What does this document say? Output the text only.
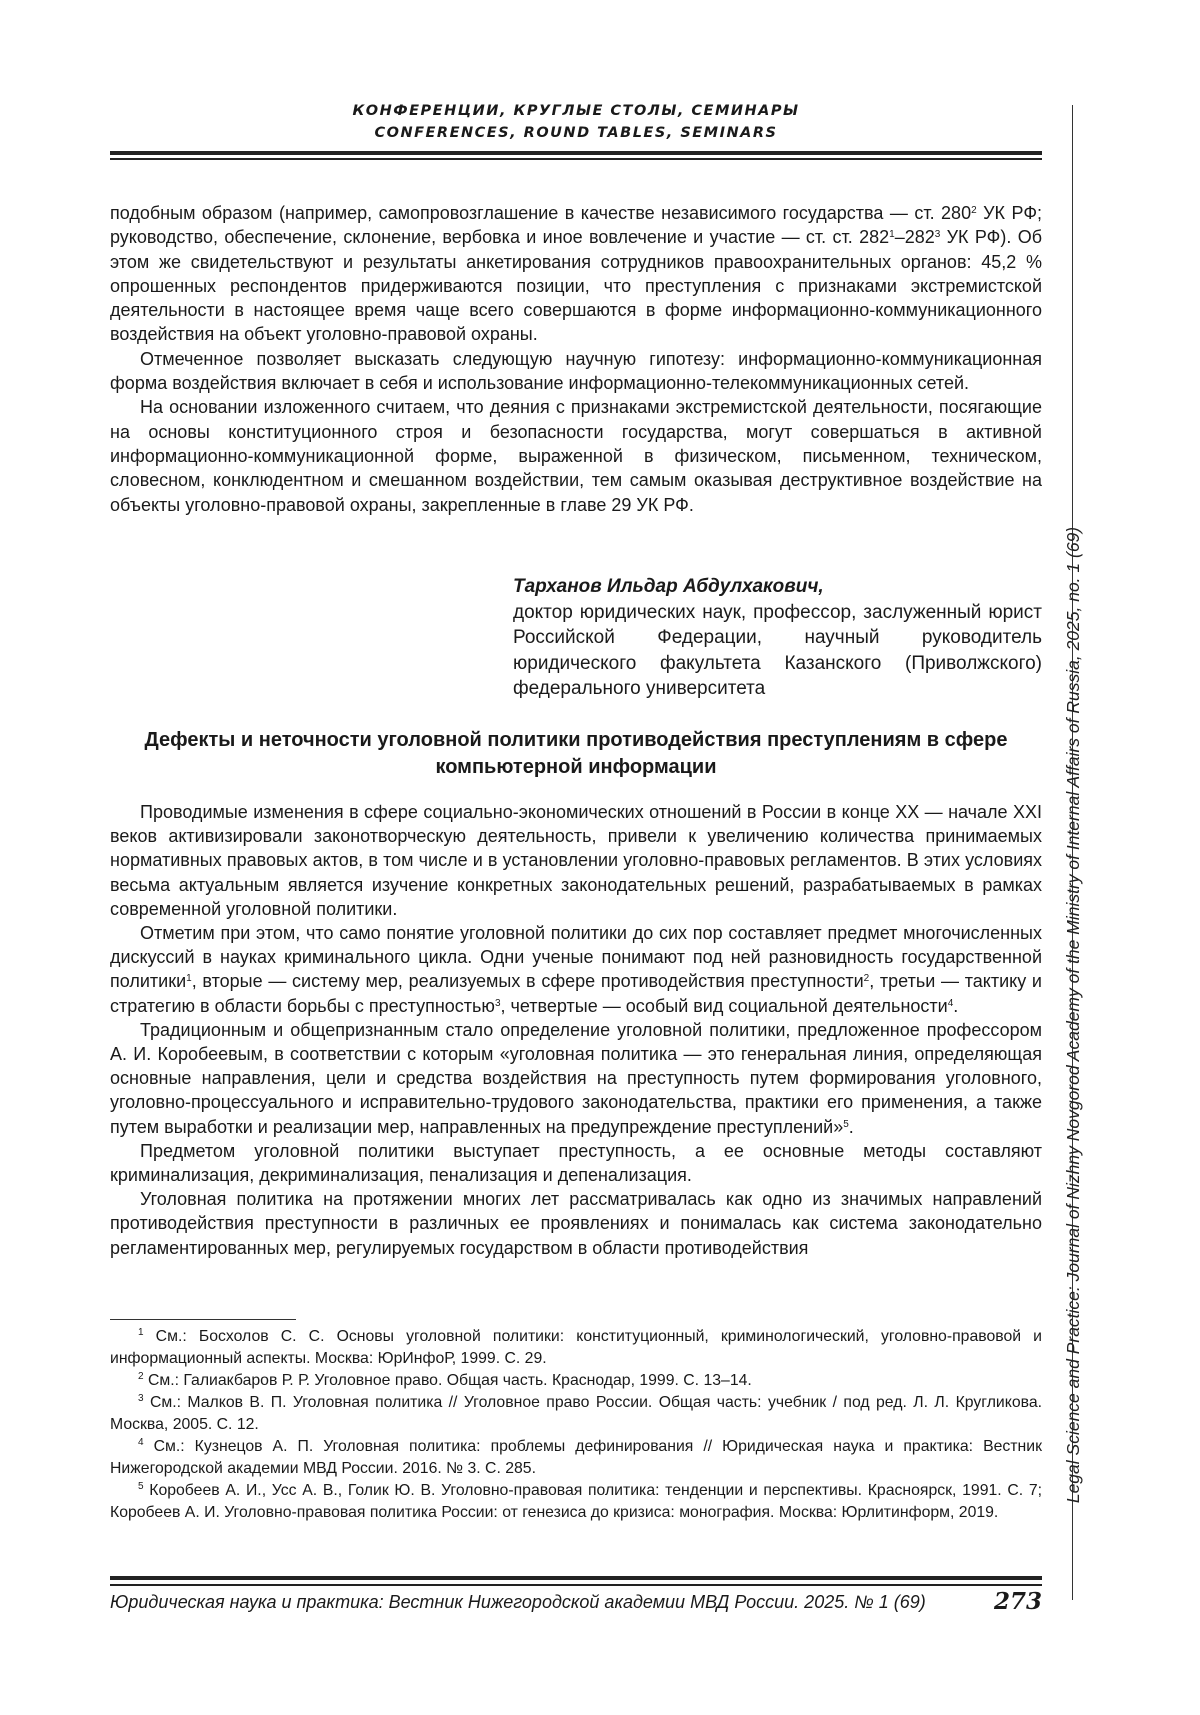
КОНФЕРЕНЦИИ, КРУГЛЫЕ СТОЛЫ, СЕМИНАРЫ
CONFERENCES, ROUND TABLES, SEMINARS
Legal Science and Practice: Journal of Nizhny Novgorod Academy of the Ministry of Internal Affairs of Russia, 2025, no. 1 (69)

подобным образом (например, самопровозглашение в качестве независимого государства — ст. $280^2$ УК РФ; руководство, обеспечение, склонение, вербовка и иное вовлечение и участие — ст. ст. $282^1-282^3$ УК РФ). Об этом же свидетельствуют и результаты анкетирования сотрудников правоохранительных органов: 45,2 % опрошенных респондентов придерживаются позиции, что преступления с признаками экстремистской деятельности в настоящее время чаще всего совершаются в форме информационно-коммуникационного воздействия на объект уголовно-правовой охраны.

Отмеченное позволяет высказать следующую научную гипотезу: информационно-коммуникационная форма воздействия включает в себя и использование информационно-телекоммуникационных сетей.

На основании изложенного считаем, что деяния с признаками экстремистской деятельности, посягающие на основы конституционного строя и безопасности государства, могут совершаться в активной информационно-коммуникационной форме, выраженной в физическом, письменном, техническом, словесном, конклюдентном и смешанном воздействии, тем самым оказывая деструктивное воздействие на объекты уголовно-правовой охраны, закрепленные в главе 29 УК РФ.

Тарханов Ильдар Абдулхакович,

доктор юридических наук, профессор, заслуженный юрист Российской Федерации, научный руководитель юридического факультета Казанского (Приволжского) федерального университета

Дефекты и неточности уголовной политики противодействия преступлениям в сфере компьютерной информации

Проводимые изменения в сфере социально-экономических отношений в России в конце XX — начале XXI веков активизировали законотворческую деятельность, привели к увеличению количества принимаемых нормативных правовых актов, в том числе и в установлении уголовно-правовых регламентов. В этих условиях весьма актуальным является изучение конкретных законодательных решений, разрабатываемых в рамках современной уголовной политики.

Отметим при этом, что само понятие уголовной политики до сих пор составляет предмет многочисленных дискуссий в науках криминального цикла. Одни ученые понимают под ней разновидность государственной политики$^1$, вторые — систему мер, реализуемых в сфере противодействия преступности$^2$, третьи — тактику и стратегию в области борьбы с преступностью$^3$, четвертые — особый вид социальной деятельности$^4$.

Традиционным и общепризнанным стало определение уголовной политики, предложенное профессором А. И. Коробеевым, в соответствии с которым «уголовная политика — это генеральная линия, определяющая основные направления, цели и средства воздействия на преступность путем формирования уголовного, уголовно-процессуального и исправительно-трудового законодательства, практики его применения, а также путем выработки и реализации мер, направленных на предупреждение преступлений»$^5$.

Предметом уголовной политики выступает преступность, а ее основные методы составляют криминализация, декриминализация, пенализация и депенализация.

Уголовная политика на протяжении многих лет рассматривалась как одно из значимых направлений противодействия преступности в различных ее проявлениях и понималась как система законодательно регламентированных мер, регулируемых государством в области противодействия

$^1$ См.: Босхолов С. С. Основы уголовной политики: конституционный, криминологический, уголовно-правовой и информационный аспекты. Москва: ЮрИнфоР, 1999. С. 29.

$^2$ См.: Галиакбаров Р. Р. Уголовное право. Общая часть. Краснодар, 1999. С. 13–14.

$^3$ См.: Малков В. П. Уголовная политика // Уголовное право России. Общая часть: учебник / под ред. Л. Л. Кругликова. Москва, 2005. С. 12.

$^4$ См.: Кузнецов А. П. Уголовная политика: проблемы дефинирования // Юридическая наука и практика: Вестник Нижегородской академии МВД России. 2016. № 3. С. 285.

$^5$ Коробеев А. И., Усс А. В., Голик Ю. В. Уголовно-правовая политика: тенденции и перспективы. Красноярск, 1991. С. 7; Коробеев А. И. Уголовно-правовая политика России: от генезиса до кризиса: монография. Москва: Юрлитинформ, 2019.

Юридическая наука и практика: Вестник Нижегородской академии МВД России. 2025. № 1 (69)	273
